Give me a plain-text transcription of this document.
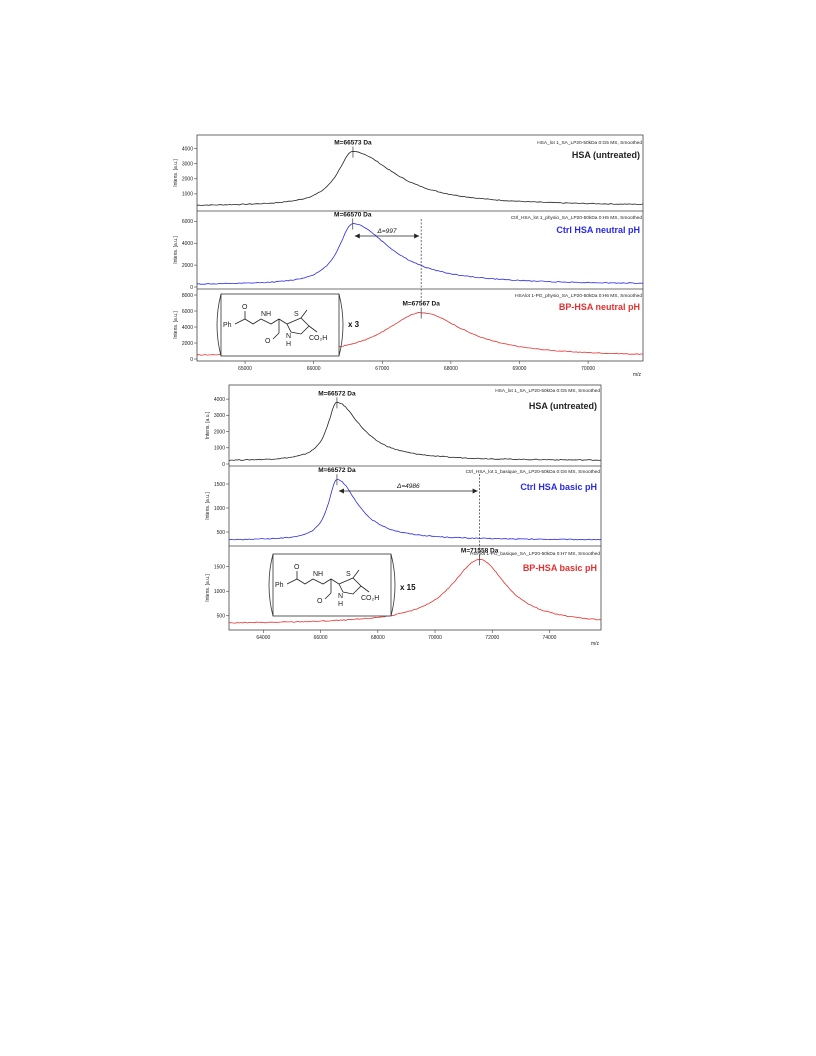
1000
2000
3000
4000
Intens. [a.u.]
M=66573 Da	HSA_lot 1_SA_LP20-50kDa 0:G5 MS, Smoothed
HSA (untreated)
0
2000
4000
6000
Intens. [a.u.]
M=66570 Da	Ctrl_HSA_lot 1_physio_SA_LP20-50kDa 0:H5 MS, Smoothed
Ctrl HSA neutral pH
0
2000
4000
6000
8000
Intens. [a.u.]
M=67567 Da
HSAlot 1-PG_physio_SA_LP20-50kDa 0:H6 MS, Smoothed
BP-HSA neutral pH
x 3
Δ=997
65000	66000	67000	68000	69000	70000
m/z
0
1000
2000
3000
4000
Intens. [a.u.]
M=66572 Da	HSA_lot 1_SA_LP20-50kDa 0:G5 MS, Smoothed
HSA (untreated)
500
1000
1500
Intens. [a.u.]
M=66572 Da	Ctrl_HSA_lot 1_basique_SA_LP20-50kDa 0:G6 MS, Smoothed
Ctrl HSA basic pH
500
1000
1500
Intens. [a.u.]
M=71558 Da
HSAlot 1-PG_basique_SA_LP20-50kDa 0:H7 MS, Smoothed
BP-HSA basic pH
x 15
Δ=4986
64000	66000	68000	70000	72000	74000
m/z
Ph
O
NH
O
S
N
H
CO₂H
Ph
O
NH
O
S
N
H
CO₂H
